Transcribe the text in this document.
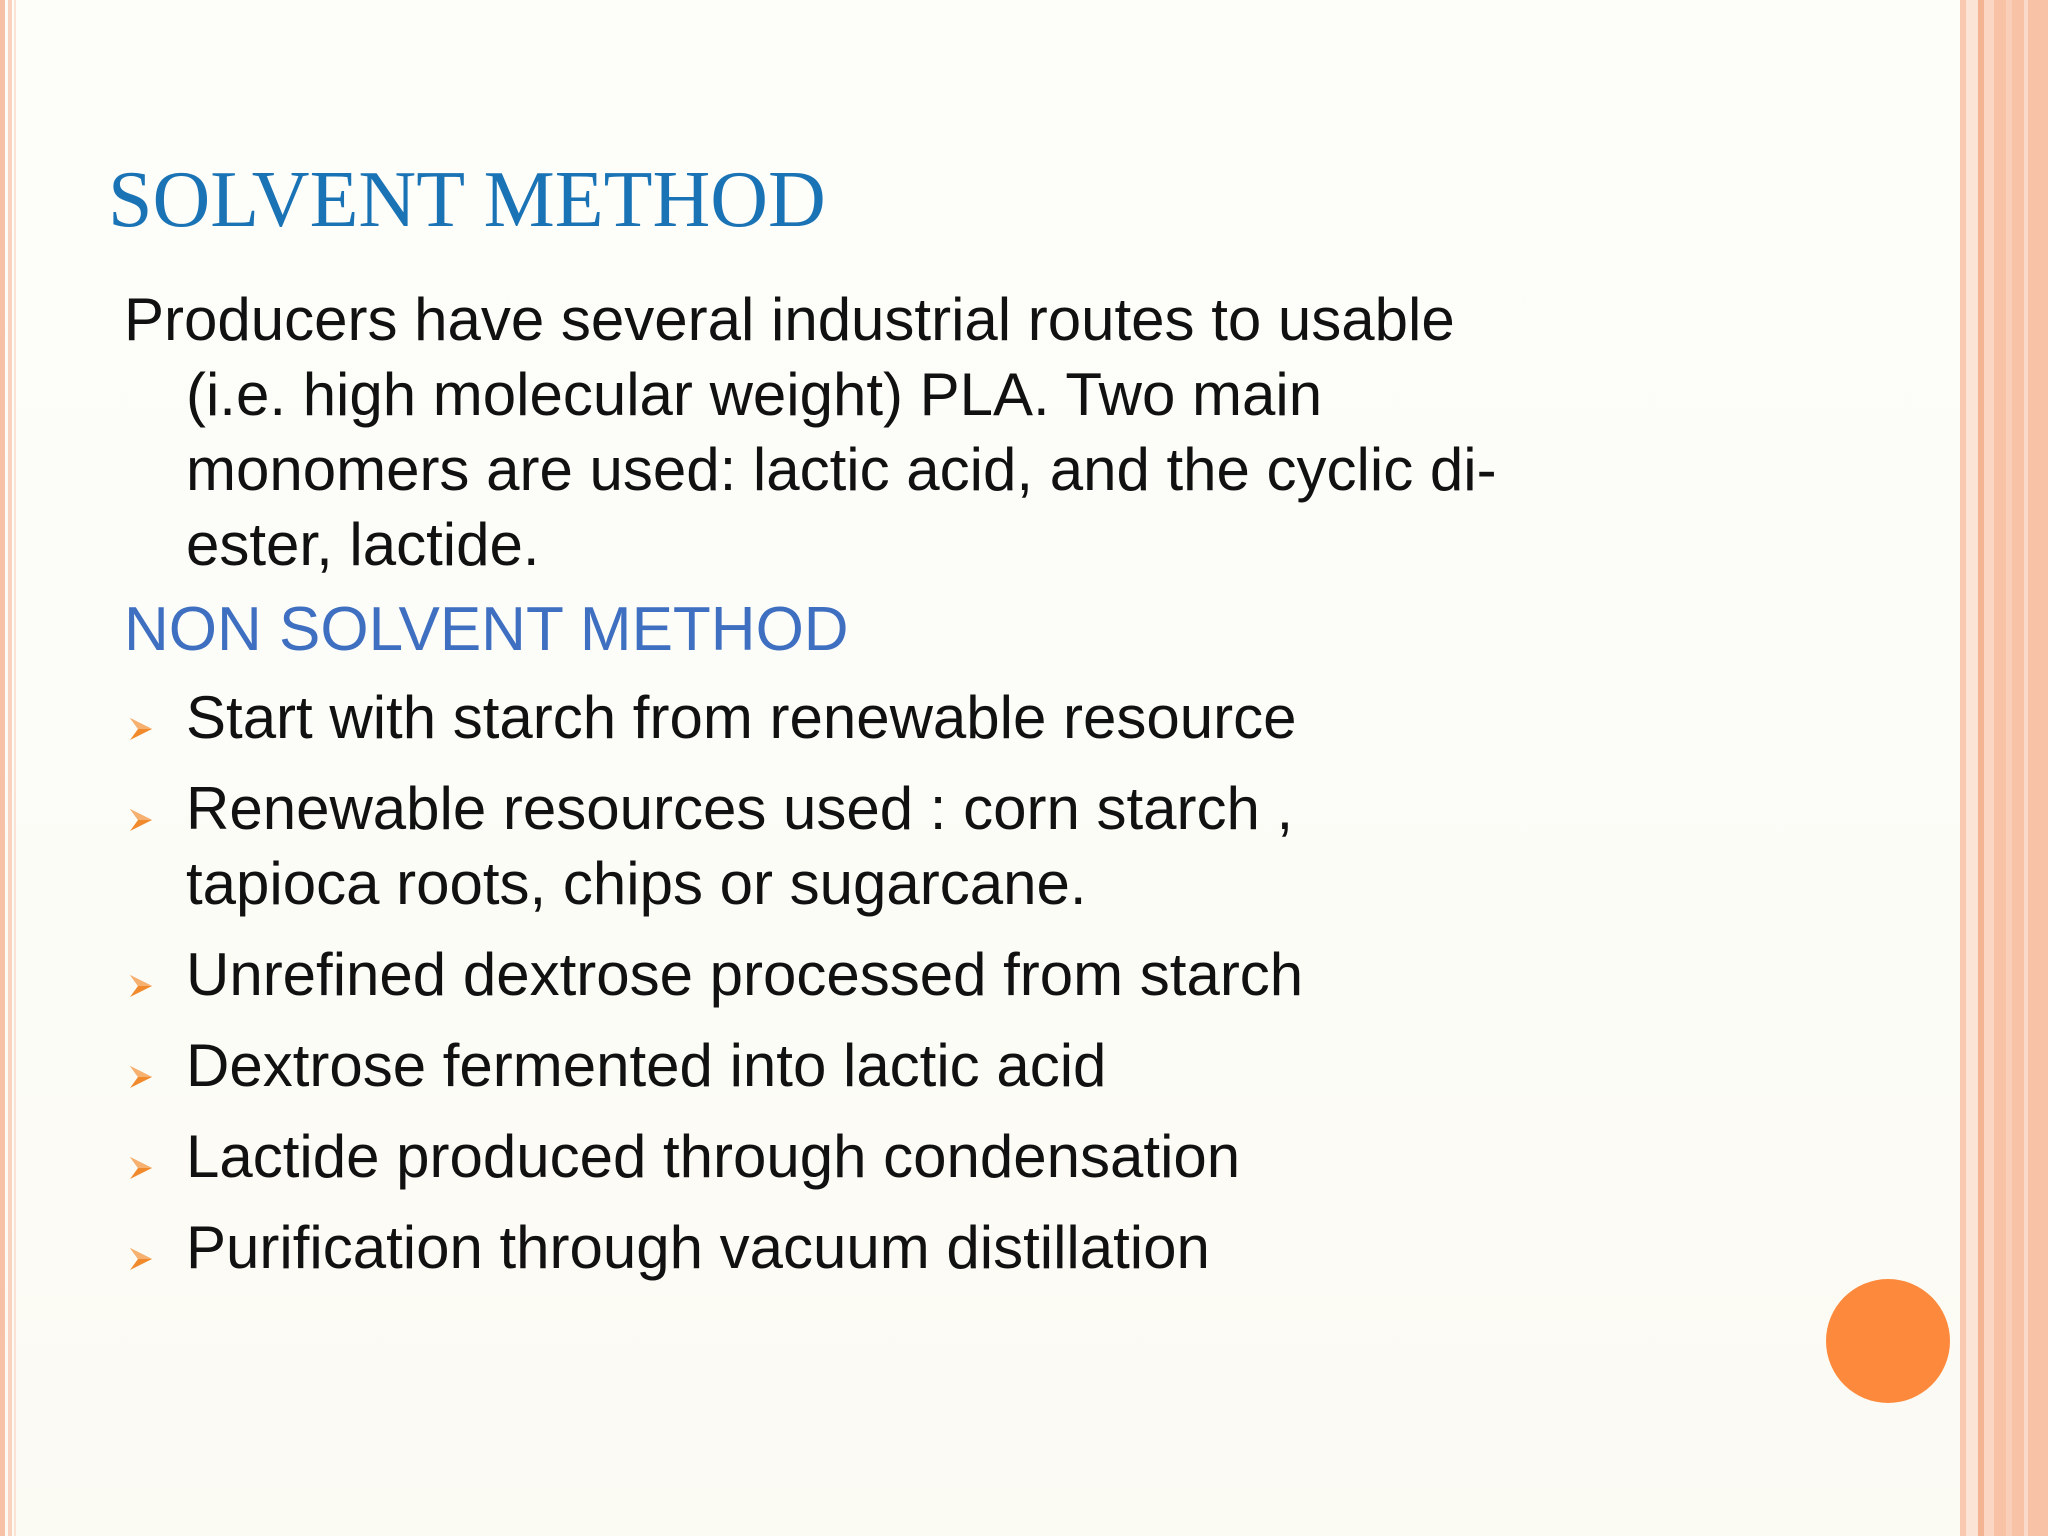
SOLVENT METHOD

Producers have several industrial routes to usable
(i.e. high molecular weight) PLA. Two main
monomers are used: lactic acid, and the cyclic di-
ester, lactide.

NON SOLVENT METHOD
Start with starch from renewable resource
Renewable resources used : corn starch ,
tapioca roots, chips or sugarcane.
Unrefined dextrose processed from starch
Dextrose fermented into lactic acid
Lactide produced through condensation
Purification through vacuum distillation
